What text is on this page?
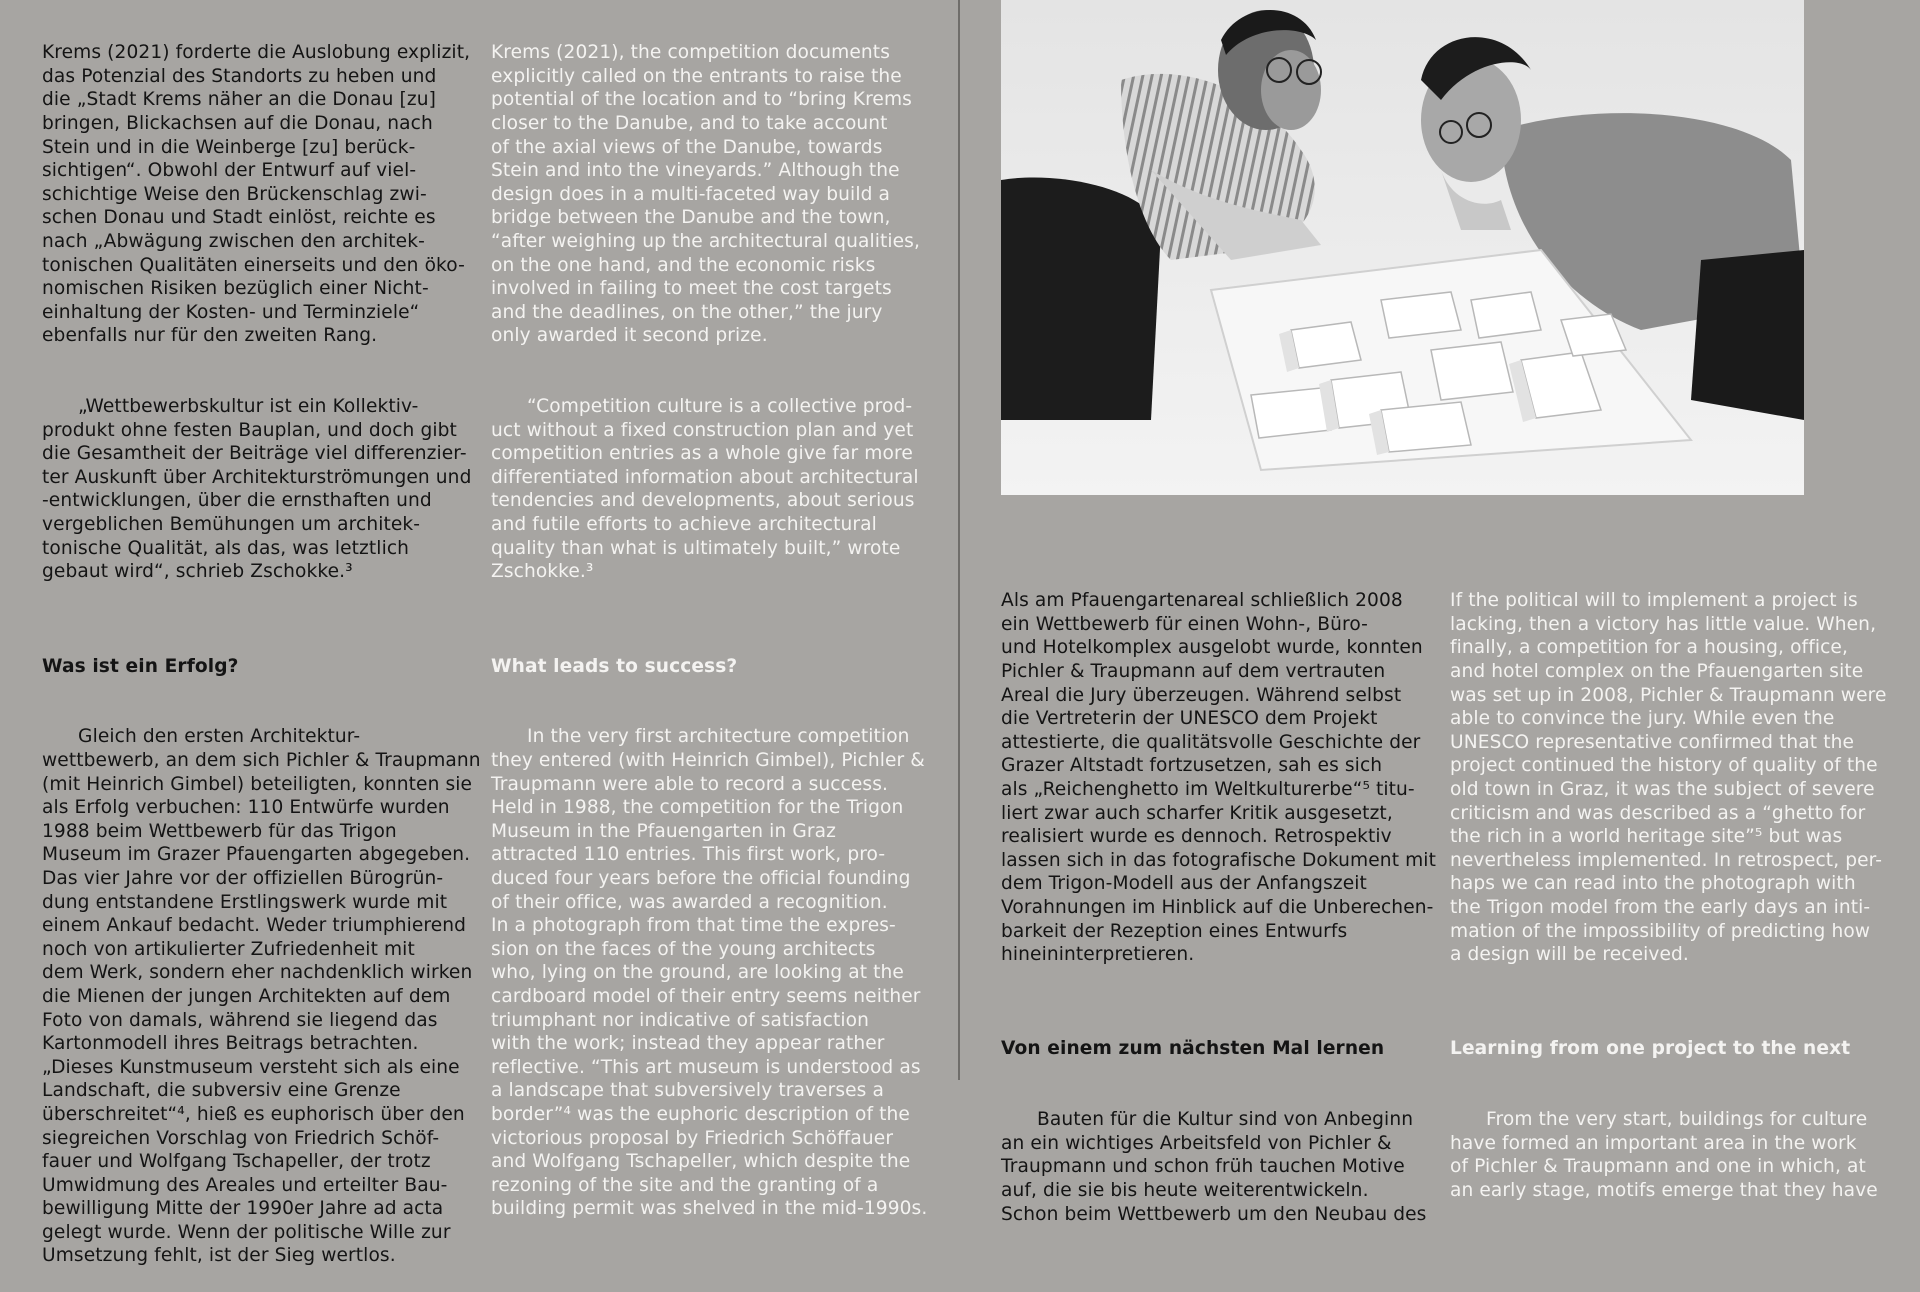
Krems (2021) forderte die Auslobung explizit,
das Potenzial des Standorts zu heben und
die „Stadt Krems näher an die Donau [zu]
bringen, Blickachsen auf die Donau, nach
Stein und in die Weinberge [zu] berück-
sichtigen“. Obwohl der Entwurf auf viel-
schichtige Weise den Brückenschlag zwi-
schen Donau und Stadt einlöst, reichte es
nach „Abwägung zwischen den architek-
tonischen Qualitäten einerseits und den öko-
nomischen Risiken bezüglich einer Nicht-
einhaltung der Kosten- und Terminziele“
ebenfalls nur für den zweiten Rang.

„Wettbewerbskultur ist ein Kollektiv-
produkt ohne festen Bauplan, und doch gibt
die Gesamtheit der Beiträge viel differenzier-
ter Auskunft über Architekturströmungen und
-entwicklungen, über die ernsthaften und
vergeblichen Bemühungen um architek-
tonische Qualität, als das, was letztlich
gebaut wird“, schrieb Zschokke.³

Was ist ein Erfolg?

Gleich den ersten Architektur-
wettbewerb, an dem sich Pichler & Traupmann
(mit Heinrich Gimbel) beteiligten, konnten sie
als Erfolg verbuchen: 110 Entwürfe wurden
1988 beim Wettbewerb für das Trigon
Museum im Grazer Pfauengarten abgegeben.
Das vier Jahre vor der offiziellen Bürogrün-
dung entstandene Erstlingswerk wurde mit
einem Ankauf bedacht. Weder triumphierend
noch von artikulierter Zufriedenheit mit
dem Werk, sondern eher nachdenklich wirken
die Mienen der jungen Architekten auf dem
Foto von damals, während sie liegend das
Kartonmodell ihres Beitrags betrachten.
„Dieses Kunstmuseum versteht sich als eine
Landschaft, die subversiv eine Grenze
überschreitet“⁴, hieß es euphorisch über den
siegreichen Vorschlag von Friedrich Schöf-
fauer und Wolfgang Tschapeller, der trotz
Umwidmung des Areales und erteilter Bau-
bewilligung Mitte der 1990er Jahre ad acta
gelegt wurde. Wenn der politische Wille zur
Umsetzung fehlt, ist der Sieg wertlos.

Krems (2021), the competition documents
explicitly called on the entrants to raise the
potential of the location and to “bring Krems
closer to the Danube, and to take account
of the axial views of the Danube, towards
Stein and into the vineyards.” Although the
design does in a multi-faceted way build a
bridge between the Danube and the town,
“after weighing up the architectural qualities,
on the one hand, and the economic risks
involved in failing to meet the cost targets
and the deadlines, on the other,” the jury
only awarded it second prize.

“Competition culture is a collective prod-
uct without a fixed construction plan and yet
competition entries as a whole give far more
differentiated information about architectural
tendencies and developments, about serious
and futile efforts to achieve architectural
quality than what is ultimately built,” wrote
Zschokke.³

What leads to success?

In the very first architecture competition
they entered (with Heinrich Gimbel), Pichler &
Traupmann were able to record a success.
Held in 1988, the competition for the Trigon
Museum in the Pfauengarten in Graz
attracted 110 entries. This first work, pro-
duced four years before the official founding
of their office, was awarded a recognition.
In a photograph from that time the expres-
sion on the faces of the young architects
who, lying on the ground, are looking at the
cardboard model of their entry seems neither
triumphant nor indicative of satisfaction
with the work; instead they appear rather
reflective. “This art museum is understood as
a landscape that subversively traverses a
border”⁴ was the euphoric description of the
victorious proposal by Friedrich Schöffauer
and Wolfgang Tschapeller, which despite the
rezoning of the site and the granting of a
building permit was shelved in the mid-1990s.

Als am Pfauengartenareal schließlich 2008
ein Wettbewerb für einen Wohn-, Büro-
und Hotelkomplex ausgelobt wurde, konnten
Pichler & Traupmann auf dem vertrauten
Areal die Jury überzeugen. Während selbst
die Vertreterin der UNESCO dem Projekt
attestierte, die qualitätsvolle Geschichte der
Grazer Altstadt fortzusetzen, sah es sich
als „Reichenghetto im Weltkulturerbe“⁵ titu-
liert zwar auch scharfer Kritik ausgesetzt,
realisiert wurde es dennoch. Retrospektiv
lassen sich in das fotografische Dokument mit
dem Trigon-Modell aus der Anfangszeit
Vorahnungen im Hinblick auf die Unberechen-
barkeit der Rezeption eines Entwurfs
hineininterpretieren.

Von einem zum nächsten Mal lernen

Bauten für die Kultur sind von Anbeginn
an ein wichtiges Arbeitsfeld von Pichler &
Traupmann und schon früh tauchen Motive
auf, die sie bis heute weiterentwickeln.
Schon beim Wettbewerb um den Neubau des

If the political will to implement a project is
lacking, then a victory has little value. When,
finally, a competition for a housing, office,
and hotel complex on the Pfauengarten site
was set up in 2008, Pichler & Traupmann were
able to convince the jury. While even the
UNESCO representative confirmed that the
project continued the history of quality of the
old town in Graz, it was the subject of severe
criticism and was described as a “ghetto for
the rich in a world heritage site”⁵ but was
nevertheless implemented. In retrospect, per-
haps we can read into the photograph with
the Trigon model from the early days an inti-
mation of the impossibility of predicting how
a design will be received.

Learning from one project to the next

From the very start, buildings for culture
have formed an important area in the work
of Pichler & Traupmann and one in which, at
an early stage, motifs emerge that they have
